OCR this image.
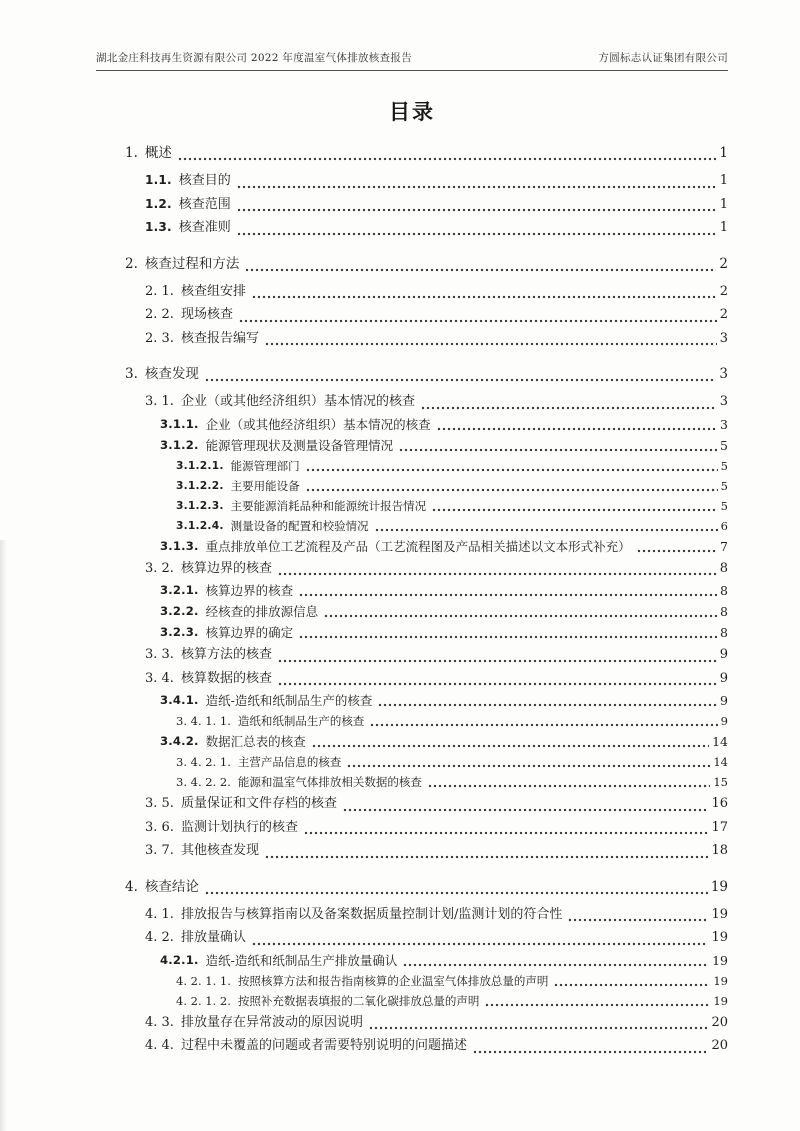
湖北金庄科技再生资源有限公司 2022 年度温室气体排放核查报告	方圆标志认证集团有限公司
目录
1. 概述	1
1.1. 核查目的	1
1.2. 核查范围	1
1.3. 核查准则	1
2. 核查过程和方法	2
2. 1. 核查组安排	2
2. 2. 现场核查	2
2. 3. 核查报告编写	3
3. 核查发现	3
3. 1. 企业（或其他经济组织）基本情况的核查	3
3.1.1. 企业（或其他经济组织）基本情况的核查	3
3.1.2. 能源管理现状及测量设备管理情况	5
3.1.2.1. 能源管理部门	5
3.1.2.2. 主要用能设备	5
3.1.2.3. 主要能源消耗品种和能源统计报告情况	5
3.1.2.4. 测量设备的配置和校验情况	6
3.1.3. 重点排放单位工艺流程及产品（工艺流程图及产品相关描述以文本形式补充）	7
3. 2. 核算边界的核查	8
3.2.1. 核算边界的核查	8
3.2.2. 经核查的排放源信息	8
3.2.3. 核算边界的确定	8
3. 3. 核算方法的核查	9
3. 4. 核算数据的核查	9
3.4.1. 造纸-造纸和纸制品生产的核查	9
3. 4. 1. 1. 造纸和纸制品生产的核查	9
3.4.2. 数据汇总表的核查	14
3. 4. 2. 1. 主营产品信息的核查	14
3. 4. 2. 2. 能源和温室气体排放相关数据的核查	15
3. 5. 质量保证和文件存档的核查	16
3. 6. 监测计划执行的核查	17
3. 7. 其他核查发现	18
4. 核查结论	19
4. 1. 排放报告与核算指南以及备案数据质量控制计划/监测计划的符合性	19
4. 2. 排放量确认	19
4.2.1. 造纸-造纸和纸制品生产排放量确认	19
4. 2. 1. 1. 按照核算方法和报告指南核算的企业温室气体排放总量的声明	19
4. 2. 1. 2. 按照补充数据表填报的二氧化碳排放总量的声明	19
4. 3. 排放量存在异常波动的原因说明	20
4. 4. 过程中未覆盖的问题或者需要特别说明的问题描述	20
